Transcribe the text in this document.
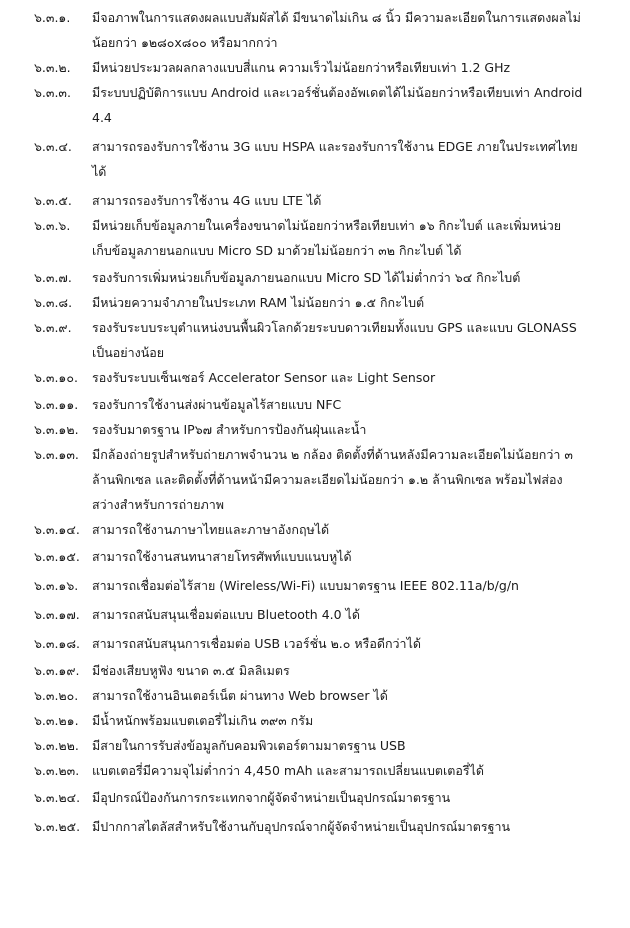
๖.๓.๑.	มีจอภาพในการแสดงผลแบบสัมผัสได้ มีขนาดไม่เกิน ๘ นิ้ว มีความละเอียดในการแสดงผลไม่
น้อยกว่า ๑๒๘๐x๘๐๐ หรือมากกว่า
๖.๓.๒.	มีหน่วยประมวลผลกลางแบบสี่แกน ความเร็วไม่น้อยกว่าหรือเทียบเท่า 1.2 GHz
๖.๓.๓.	มีระบบปฏิบัติการแบบ Android และเวอร์ชั่นต้องอัพเดตได้ไม่น้อยกว่าหรือเทียบเท่า Android
4.4
๖.๓.๔.	สามารถรองรับการใช้งาน 3G แบบ HSPA และรองรับการใช้งาน EDGE ภายในประเทศไทย
ได้
๖.๓.๕.	สามารถรองรับการใช้งาน 4G แบบ LTE ได้
๖.๓.๖.	มีหน่วยเก็บข้อมูลภายในเครื่องขนาดไม่น้อยกว่าหรือเทียบเท่า ๑๖ กิกะไบต์ และเพิ่มหน่วย
เก็บข้อมูลภายนอกแบบ Micro SD มาด้วยไม่น้อยกว่า ๓๒ กิกะไบต์ ได้
๖.๓.๗.	รองรับการเพิ่มหน่วยเก็บข้อมูลภายนอกแบบ Micro SD ได้ไม่ต่ำกว่า ๖๔ กิกะไบต์
๖.๓.๘.	มีหน่วยความจำภายในประเภท RAM ไม่น้อยกว่า ๑.๕ กิกะไบต์
๖.๓.๙.	รองรับระบบระบุตำแหน่งบนพื้นผิวโลกด้วยระบบดาวเทียมทั้งแบบ GPS และแบบ GLONASS
เป็นอย่างน้อย
๖.๓.๑๐.	รองรับระบบเซ็นเซอร์ Accelerator Sensor และ Light Sensor
๖.๓.๑๑.	รองรับการใช้งานส่งผ่านข้อมูลไร้สายแบบ NFC
๖.๓.๑๒.	รองรับมาตรฐาน IP๖๗ สำหรับการป้องกันฝุ่นและน้ำ
๖.๓.๑๓.	มีกล้องถ่ายรูปสำหรับถ่ายภาพจำนวน ๒ กล้อง ติดตั้งที่ด้านหลังมีความละเอียดไม่น้อยกว่า ๓
ล้านพิกเซล และติดตั้งที่ด้านหน้ามีความละเอียดไม่น้อยกว่า ๑.๒ ล้านพิกเซล พร้อมไฟส่อง
สว่างสำหรับการถ่ายภาพ
๖.๓.๑๔. สามารถใช้งานภาษาไทยและภาษาอังกฤษได้
๖.๓.๑๕. สามารถใช้งานสนทนาสายโทรศัพท์แบบแนบหูได้
๖.๓.๑๖.	สามารถเชื่อมต่อไร้สาย (Wireless/Wi-Fi) แบบมาตรฐาน IEEE 802.11a/b/g/n
๖.๓.๑๗. สามารถสนับสนุนเชื่อมต่อแบบ Bluetooth 4.0 ได้
๖.๓.๑๘. สามารถสนับสนุนการเชื่อมต่อ USB เวอร์ชั่น ๒.๐ หรือดีกว่าได้
๖.๓.๑๙.	มีช่องเสียบหูฟัง ขนาด ๓.๕ มิลลิเมตร
๖.๓.๒๐.	สามารถใช้งานอินเตอร์เน็ต ผ่านทาง Web browser ได้
๖.๓.๒๑.	มีน้ำหนักพร้อมแบตเตอรี่ไม่เกิน ๓๙๓ กรัม
๖.๓.๒๒.	มีสายในการรับส่งข้อมูลกับคอมพิวเตอร์ตามมาตรฐาน USB
๖.๓.๒๓.	แบตเตอรี่มีความจุไม่ต่ำกว่า 4,450 mAh และสามารถเปลี่ยนแบตเตอรี่ได้
๖.๓.๒๔. มีอุปกรณ์ป้องกันการกระแทกจากผู้จัดจำหน่ายเป็นอุปกรณ์มาตรฐาน
๖.๓.๒๕. มีปากกาสไตลัสสำหรับใช้งานกับอุปกรณ์จากผู้จัดจำหน่ายเป็นอุปกรณ์มาตรฐาน
